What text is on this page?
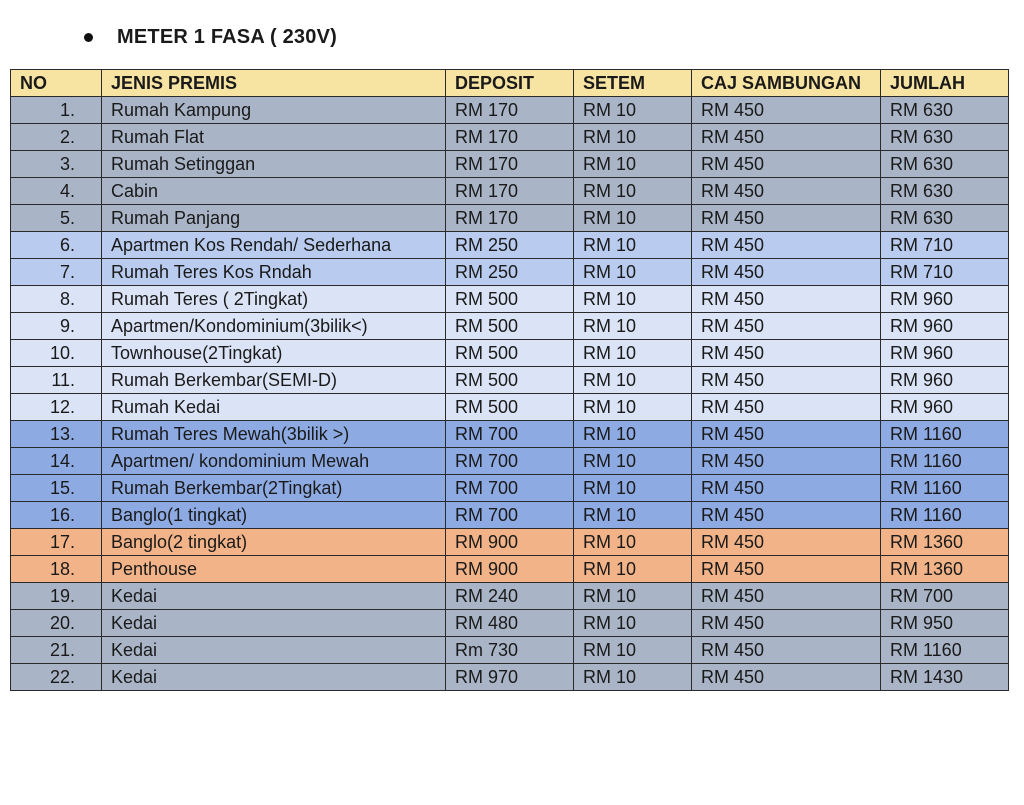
METER 1 FASA ( 230V)
NO	JENIS PREMIS	DEPOSIT	SETEM	CAJ SAMBUNGAN	JUMLAH
1.	Rumah Kampung	RM 170	RM 10	RM 450	RM 630
2.	Rumah Flat	RM 170	RM 10	RM 450	RM 630
3.	Rumah Setinggan	RM 170	RM 10	RM 450	RM 630
4.	Cabin	RM 170	RM 10	RM 450	RM 630
5.	Rumah Panjang	RM 170	RM 10	RM 450	RM 630
6.	Apartmen Kos Rendah/ Sederhana	RM 250	RM 10	RM 450	RM 710
7.	Rumah Teres Kos Rndah	RM 250	RM 10	RM 450	RM 710
8.	Rumah Teres ( 2Tingkat)	RM 500	RM 10	RM 450	RM 960
9.	Apartmen/Kondominium(3bilik<)	RM 500	RM 10	RM 450	RM 960
10.	Townhouse(2Tingkat)	RM 500	RM 10	RM 450	RM 960
11.	Rumah Berkembar(SEMI-D)	RM 500	RM 10	RM 450	RM 960
12.	Rumah Kedai	RM 500	RM 10	RM 450	RM 960
13.	Rumah Teres Mewah(3bilik >)	RM 700	RM 10	RM 450	RM 1160
14.	Apartmen/ kondominium Mewah	RM 700	RM 10	RM 450	RM 1160
15.	Rumah Berkembar(2Tingkat)	RM 700	RM 10	RM 450	RM 1160
16.	Banglo(1 tingkat)	RM 700	RM 10	RM 450	RM 1160
17.	Banglo(2 tingkat)	RM 900	RM 10	RM 450	RM 1360
18.	Penthouse	RM 900	RM 10	RM 450	RM 1360
19.	Kedai	RM 240	RM 10	RM 450	RM 700
20.	Kedai	RM 480	RM 10	RM 450	RM 950
21.	Kedai	Rm 730	RM 10	RM 450	RM 1160
22.	Kedai	RM 970	RM 10	RM 450	RM 1430
